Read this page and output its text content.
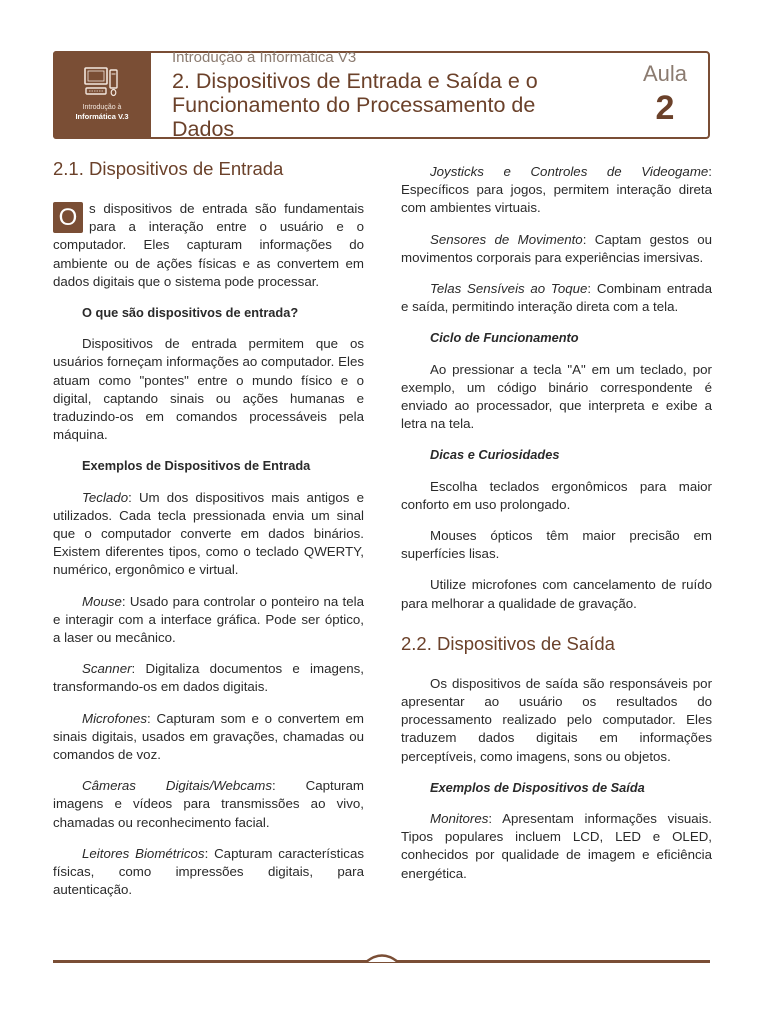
Introdução à
Informática V.3
Introdução à Informática V3
2. Dispositivos de Entrada e Saída e o Funcionamento do Processamento de Dados
Aula
2
2.1. Dispositivos de Entrada

O s dispositivos de entrada são fundamentais para a interação entre o usuário e o computador. Eles capturam informações do ambiente ou de ações físicas e as convertem em dados digitais que o sistema pode processar.

O que são dispositivos de entrada?

Dispositivos de entrada permitem que os usuários forneçam informações ao computador. Eles atuam como "pontes" entre o mundo físico e o digital, captando sinais ou ações humanas e traduzindo-os em comandos processáveis pela máquina.

Exemplos de Dispositivos de Entrada

Teclado: Um dos dispositivos mais antigos e utilizados. Cada tecla pressionada envia um sinal que o computador converte em dados binários. Existem diferentes tipos, como o teclado QWERTY, numérico, ergonômico e virtual.

Mouse: Usado para controlar o ponteiro na tela e interagir com a interface gráfica. Pode ser óptico, a laser ou mecânico.

Scanner: Digitaliza documentos e imagens, transformando-os em dados digitais.

Microfones: Capturam som e o convertem em sinais digitais, usados em gravações, chamadas ou comandos de voz.

Câmeras Digitais/Webcams: Capturam imagens e vídeos para transmissões ao vivo, chamadas ou reconhecimento facial.

Leitores Biométricos: Capturam características físicas, como impressões digitais, para autenticação.

Joysticks e Controles de Videogame: Específicos para jogos, permitem interação direta com ambientes virtuais.

Sensores de Movimento: Captam gestos ou movimentos corporais para experiências imersivas.

Telas Sensíveis ao Toque: Combinam entrada e saída, permitindo interação direta com a tela.

Ciclo de Funcionamento

Ao pressionar a tecla "A" em um teclado, por exemplo, um código binário correspondente é enviado ao processador, que interpreta e exibe a letra na tela.

Dicas e Curiosidades

Escolha teclados ergonômicos para maior conforto em uso prolongado.

Mouses ópticos têm maior precisão em superfícies lisas.

Utilize microfones com cancelamento de ruído para melhorar a qualidade de gravação.

2.2. Dispositivos de Saída

Os dispositivos de saída são responsáveis por apresentar ao usuário os resultados do processamento realizado pelo computador. Eles traduzem dados digitais em informações perceptíveis, como imagens, sons ou objetos.

Exemplos de Dispositivos de Saída

Monitores: Apresentam informações visuais. Tipos populares incluem LCD, LED e OLED, conhecidos por qualidade de imagem e eficiência energética.
